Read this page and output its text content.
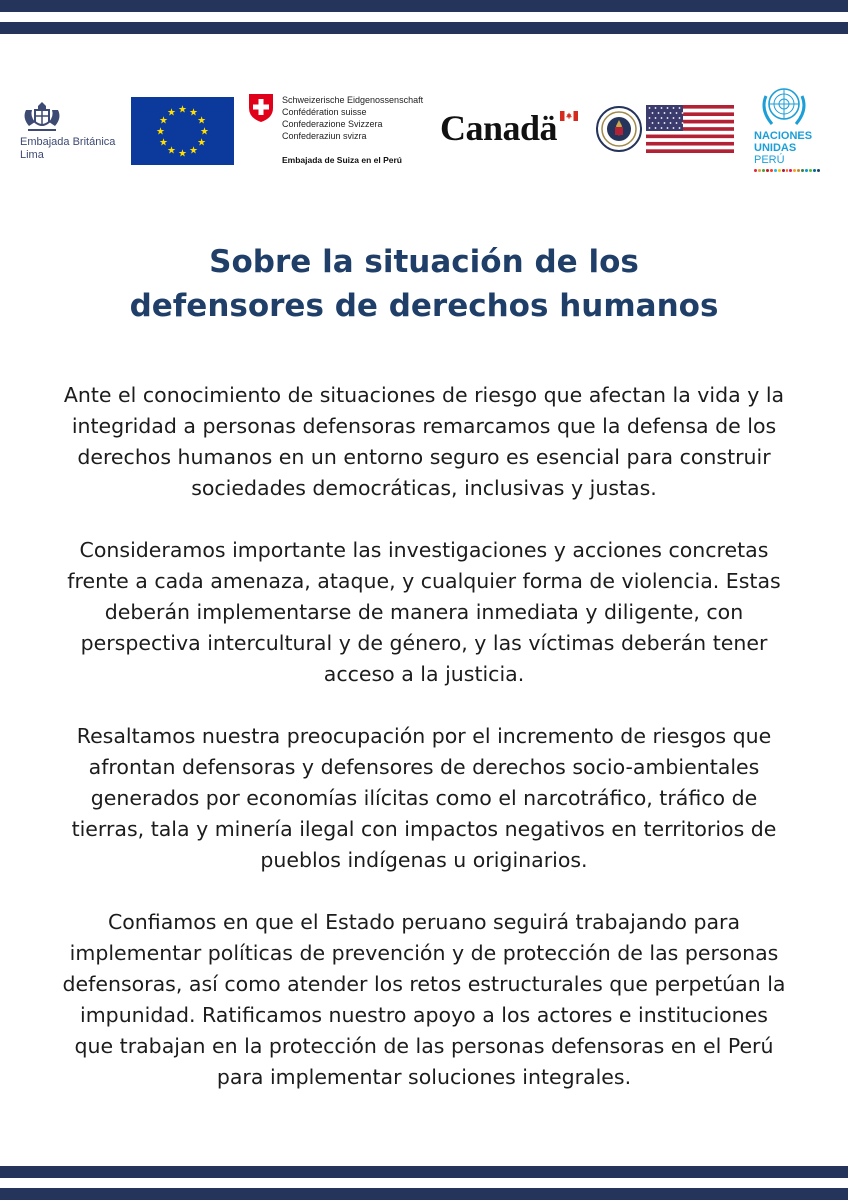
Embajada Británica
Lima
★ ★
★
★
★
★
★
★
★
★
★
★
Schweizerische Eidgenossenschaft
Confédération suisse
Confederazione Svizzera
Confederaziun svizra
Embajada de Suiza en el Perú
Canadä	NACIONES
UNIDAS
PERÚ
Sobre la situación de los
defensores de derechos humanos

Ante el conocimiento de situaciones de riesgo que afectan la vida y la integridad a personas defensoras remarcamos que la defensa de los derechos humanos en un entorno seguro es esencial para construir sociedades democráticas, inclusivas y justas.

Consideramos importante las investigaciones y acciones concretas frente a cada amenaza, ataque, y cualquier forma de violencia. Estas deberán implementarse de manera inmediata y diligente, con perspectiva intercultural y de género, y las víctimas deberán tener acceso a la justicia.

Resaltamos nuestra preocupación por el incremento de riesgos que afrontan defensoras y defensores de derechos socio-ambientales generados por economías ilícitas como el narcotráfico, tráfico de tierras, tala y minería ilegal con impactos negativos en territorios de pueblos indígenas u originarios.

Confiamos en que el Estado peruano seguirá trabajando para implementar políticas de prevención y de protección de las personas defensoras, así como atender los retos estructurales que perpetúan la impunidad. Ratificamos nuestro apoyo a los actores e instituciones que trabajan en la protección de las personas defensoras en el Perú para implementar soluciones integrales.
